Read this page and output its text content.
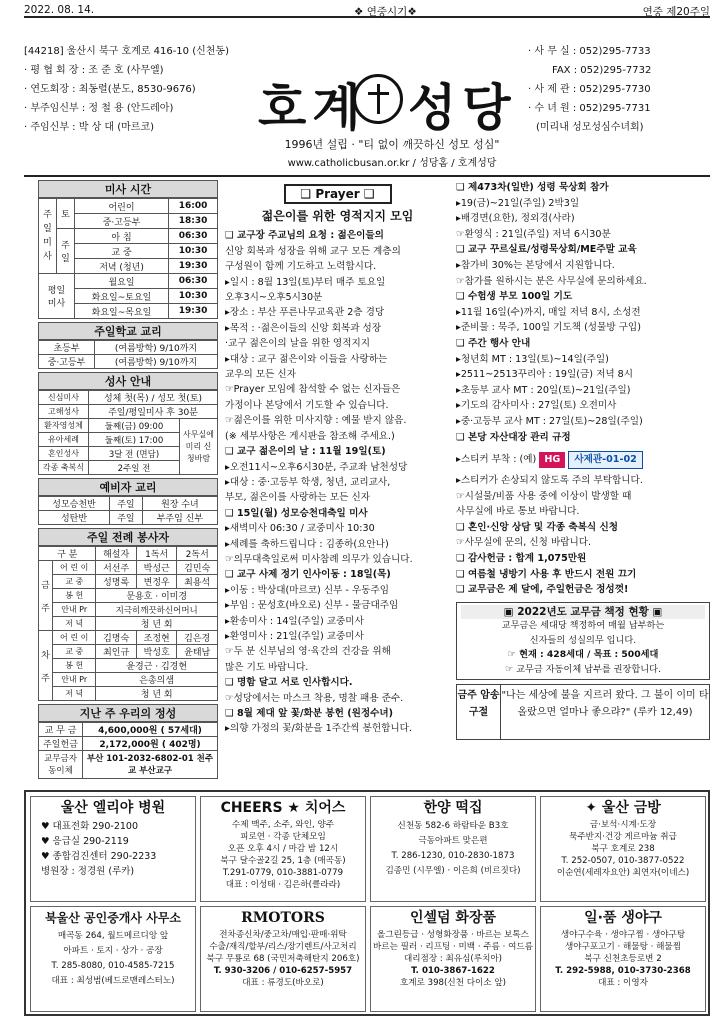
2022. 08. 14.	❖ 연중시기❖	연중 제20주일
[44218] 울산시 북구 호계로 416-10 (신천동)
· 평 협 회 장 : 조 준 호 (사무엘)
· 연도회장 : 최동렬(분도, 8530-9676)
· 부주임신부 : 정 철 용 (안드레아)
· 주임신부 : 박 상 대 (마르코)	호계 성당
1996년 설립 · "티 없이 깨끗하신 성모 성심"
www.catholicbusan.or.kr / 성당홈 / 호계성당
· 사 무 실 : 052)295-7733
FAX : 052)295-7732
· 사 제 관 : 052)295-7730
· 수 녀 원 : 052)295-7731
(미리내 성모성심수녀회)
미사 시간
주
일
미
사	토	어린이	16:00
		중·고등부	18:30
	주
일	아 침	06:30
		교 중	10:30
		저녁 (청년)	19:30
평일
미사		월요일	06:30
		화요일~토요일	10:30
		화요일~목요일	19:30
주일학교 교리
초등부	(여름방학) 9/10까지
중·고등부	(여름방학) 9/10까지
성사 안내
신심미사	성체 첫(목) / 성모 첫(토)	
고해성사	주일/평일미사 후 30분	
환자영성체	둘째(금) 09:00	사무실에 미리 신청바람
유아세례	둘째(토) 17:00	
혼인성사	3달 전 (면담)	
각종 축복식	2주일 전	
예비자 교리
성모승천반	주일	원장 수녀
성탄반	주일	부주임 신부
주일 전례 봉사자
구 분		해설자	1독서	2독서
금

주	어 린 이	서선주	박성근	김민숙
	교 중	성명록	변정우	최용석
	봉 헌	문용호 · 이미경		
	안내 Pr	지극히깨끗하신어머니		
	저 녁	청 년 회		
차

주	어 린 이	김명숙	조정현	김은경
	교 중	최인규	박성호	윤태남
	봉 헌	윤경근 · 김경현		
	안내 Pr	은총의샘		
	저 녁	청 년 회		
지난 주 우리의 정성
교 무 금	4,600,000원 ( 57세대)
주일헌금	2,172,000원 ( 402명)
교무금자동이체	부산 101-2032-6802-01 천주교 부산교구
❑ Prayer ❑
젊은이를 위한 영적지지 모임

❑ 교구장 주교님의 요청 : 젊은이들의

신앙 회복과 성장을 위해 교구 모든 계층의

구성원이 함께 기도하고 노력합시다.

▸일시 : 8월 13일(토)부터 매주 토요일

오후3시~오후5시30분

▸장소 : 부산 푸른나무교육관 2층 경당

▸목적 : ·젊은이들의 신앙 회복과 성장

·교구 젊은이의 날을 위한 영적지지

▸대상 : 교구 젊은이와 이들을 사랑하는

교우의 모든 신자

☞Prayer 모임에 참석할 수 없는 신자들은

가정이나 본당에서 기도할 수 있습니다.

☞젊은이를 위한 미사지향 : 예물 받지 않음.

(※ 세부사항은 게시판을 참조해 주세요.)

❑ 교구 젊은이의 날 : 11월 19일(토)

▸오전11시~오후6시30분, 주교좌 남천성당

▸대상 : 중·고등부 학생, 청년, 교리교사,

부모, 젊은이를 사랑하는 모든 신자

❑ 15일(월) 성모승천대축일 미사

▸새벽미사 06:30 / 교중미사 10:30

▸세례를 축하드립니다 : 김종하(요안나)

☞의무대축일로써 미사참례 의무가 있습니다.

❑ 교구 사제 정기 인사이동 : 18일(목)

▸이동 : 박상대(마르코) 신부 - 우동주임

▸부임 : 문성호(바오로) 신부 - 물금대주임

▸환송미사 : 14일(주일) 교중미사

▸환영미사 : 21일(주일) 교중미사

☞두 분 신부님의 영·육간의 건강을 위해

많은 기도 바랍니다.

❑ 명함 달고 서로 인사합시다.

☞성당에서는 마스크 착용, 명찰 패용 준수.

❑ 8월 제대 앞 꽃/화분 봉헌 (원정수녀)

▸의향 가정의 꽃/화분을 1주간씩 봉헌합니다.

❑ 제473차(일반) 성령 묵상회 참가

▸19(금)~21일(주일) 2박3일

▸배경면(요한), 정외경(사라)

☞환영식 : 21일(주일) 저녁 6시30분

❑ 교구 꾸르실료/성령묵상회/ME주말 교육

▸참가비 30%는 본당에서 지원합니다.

☞참가를 원하시는 분은 사무실에 문의하세요.

❑ 수험생 부모 100일 기도

▸11월 16일(수)까지, 매일 저녁 8시, 소성전

▸준비물 : 묵주, 100일 기도책 (성물방 구입)

❑ 주간 행사 안내

▸청년회 MT : 13일(토)~14일(주일)

▸2511~2513꾸리아 : 19일(금) 저녁 8시

▸초등부 교사 MT : 20일(토)~21일(주일)

▸기도의 감사미사 : 27일(토) 오전미사

▸중·고등부 교사 MT : 27일(토)~28일(주일)

❑ 본당 자산대장 관리 규정

▸스티커 부착 : (예) HG 사제관-01-02

▸스티커가 손상되지 않도록 주의 부탁합니다.

☞시설물/비품 사용 중에 이상이 발생할 때

사무실에 바로 통보 바랍니다.

❑ 혼인·신앙 상담 및 각종 축복식 신청

☞사무실에 문의, 신청 바랍니다.

❑ 감사헌금 : 합계 1,075만원

❑ 여름철 냉방기 사용 후 반드시 전원 끄기

❑ 교무금은 제 달에, 주일헌금은 정성껏!

▣ 2022년도 교무금 책정 현황 ▣
교무금은 세대당 책정하여 매월 납부하는
신자들의 성실의무 입니다.
☞ 현재 : 428세대 / 목표 : 500세대
☞ 교무금 자동이체 납부를 권장합니다.
금주 암송 구절
"나는 세상에 불을 지르러 왔다. 그 불이 이미 타올랐으면 얼마나 좋으랴?" (루카 12,49)
울산 엘리야 병원
♥ 대표전화 290-2100
♥ 응급실 290-2119
♥ 종합검진센터 290-2233
병원장 : 정경원 (루카)
CHEERS ★ 치어스
수제 맥주, 소주, 와인, 양주
피로연 · 각종 단체모임
오픈 오후 4시 / 마감 밤 12시
북구 달수골2길 25, 1층 (매곡동)
T.291-0779, 010-3881-0779
대표 : 이성태 · 김은하(클라라)
한양 떡집
신천동 582-6 하람타운 B3호
극동아파트 맞은편
T. 286-1230, 010-2830-1873
김종민 (시무엘) · 이은희 (비르짓다)
✦ 울산 금방
금·보석·시계·도장
묵주반지·건강 게르마늄 취급
북구 호계로 238
T. 252-0507, 010-3877-0522
이순연(세레자요안) 최연자(이네스)
북울산 공인중개사 사무소
매곡동 264, 월드메르디앙 앞
아파트 · 토지 · 상가 · 공장
T. 285-8080, 010-4585-7215
대표 : 최성범(베드로맨레스터노)
RMOTORS
전차종신차/중고차/매입·판매·위탁
수출/재직/할부/리스/장기렌트/사고처리
북구 무룡로 68 (국민저축해탄지 206호)
T. 930-3206 / 010-6257-5957
대표 : 류경도(바오로)
인셀덤 화장품
올그린등급 · 성형화장품 · 바르는 보톡스
바르는 필러 · 리프팅 · 미백 · 주름 · 여드름
대리점장 : 최유심(루치아)
T. 010-3867-1622
호계로 398(신천 다이소 앞)
일·품 생야구
생야구수육 · 생야구찜 · 생야구탕
생야구포고기 · 해물탕 · 해물찜
북구 신천초등로변 2
T. 292-5988, 010-3730-2368
대표 : 이영자
